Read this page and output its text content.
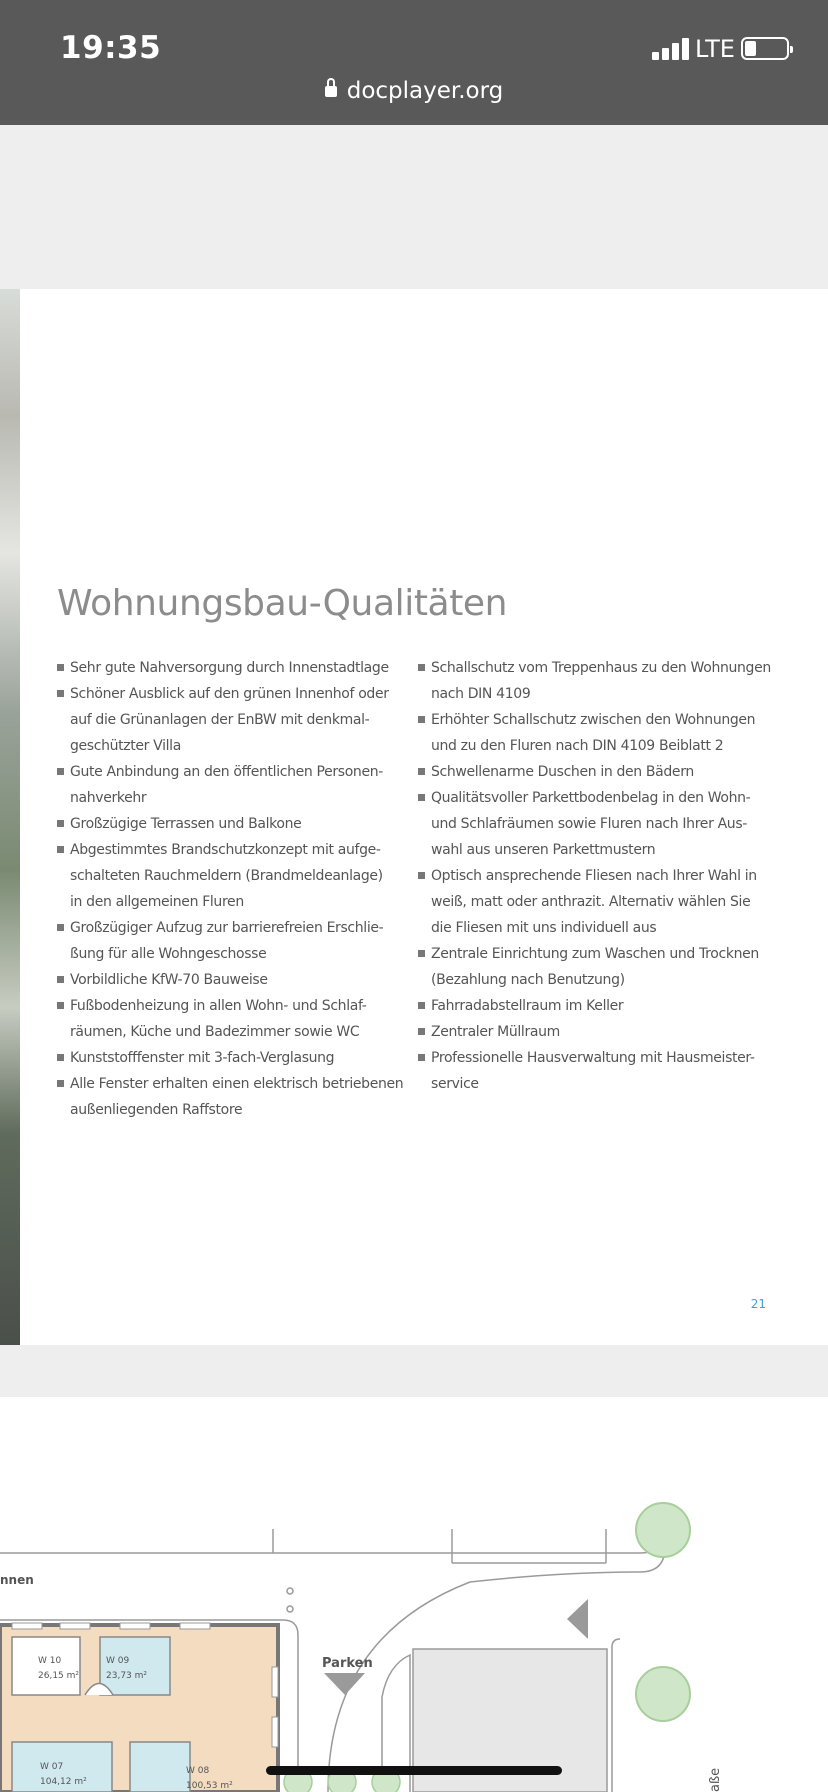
19:35	LTE
docplayer.org
Wohnungsbau-Qualitäten
Sehr gute Nahversorgung durch Innenstadtlage
Schöner Ausblick auf den grünen Innenhof oder
auf die Grünanlagen der EnBW mit denkmal-
geschützter Villa
Gute Anbindung an den öffentlichen Personen-
nahverkehr
Großzügige Terrassen und Balkone
Abgestimmtes Brandschutzkonzept mit aufge-
schalteten Rauchmeldern (Brandmeldeanlage)
in den allgemeinen Fluren
Großzügiger Aufzug zur barrierefreien Erschlie-
ßung für alle Wohngeschosse
Vorbildliche KfW-70 Bauweise
Fußbodenheizung in allen Wohn- und Schlaf-
räumen, Küche und Badezimmer sowie WC
Kunststofffenster mit 3-fach-Verglasung
Alle Fenster erhalten einen elektrisch betriebenen
außenliegenden Raffstore
Schallschutz vom Treppenhaus zu den Wohnungen
nach DIN 4109
Erhöhter Schallschutz zwischen den Wohnungen
und zu den Fluren nach DIN 4109 Beiblatt 2
Schwellenarme Duschen in den Bädern
Qualitätsvoller Parkettbodenbelag in den Wohn-
und Schlafräumen sowie Fluren nach Ihrer Aus-
wahl aus unseren Parkettmustern
Optisch ansprechende Fliesen nach Ihrer Wahl in
weiß, matt oder anthrazit. Alternativ wählen Sie
die Fliesen mit uns individuell aus
Zentrale Einrichtung zum Waschen und Trocknen
(Bezahlung nach Benutzung)
Fahrradabstellraum im Keller
Zentraler Müllraum
Professionelle Hausverwaltung mit Hausmeister-
service
21
nnen
Parken
W 10
26,15 m²
W 09
23,73 m²
W 07
104,12 m²
W 08
100,53 m²	aße
